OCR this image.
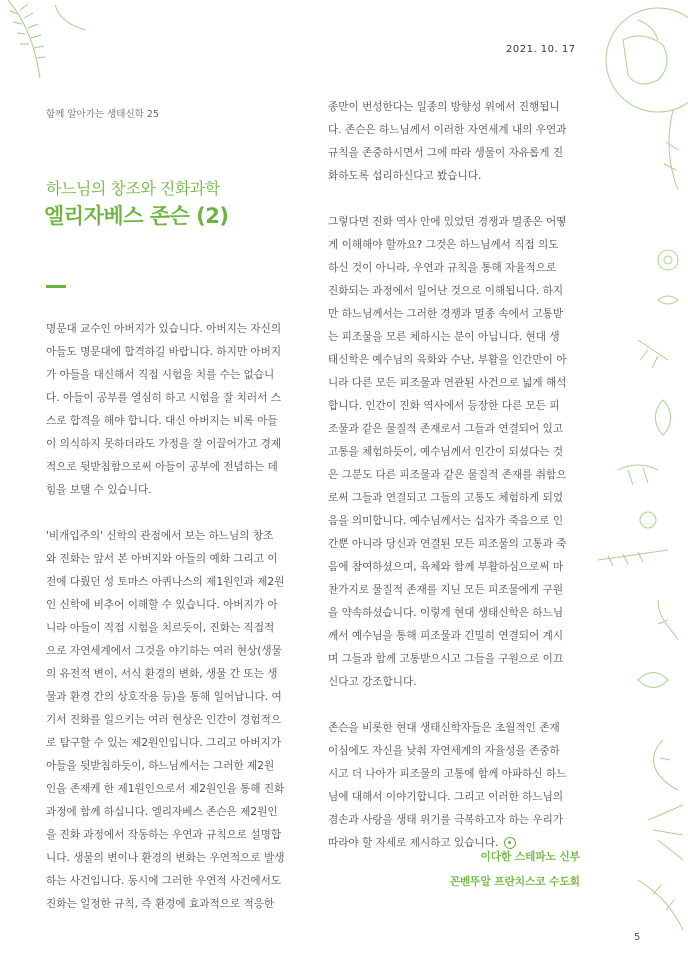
2021. 10. 17
함께 알아가는 생태신학 25
하느님의 창조와 진화과학
엘리자베스 존슨 (2)
명문대 교수인 아버지가 있습니다. 아버지는 자신의
아들도 명문대에 합격하길 바랍니다. 하지만 아버지
가 아들을 대신해서 직접 시험을 치를 수는 없습니
다. 아들이 공부를 열심히 하고 시험을 잘 치러서 스
스로 합격을 해야 합니다. 대신 아버지는 비록 아들
이 의식하지 못하더라도 가정을 잘 이끌어가고 경제
적으로 뒷받침함으로써 아들이 공부에 전념하는 데
힘을 보탤 수 있습니다.
'비개입주의' 신학의 관점에서 보는 하느님의 창조
와 진화는 앞서 본 아버지와 아들의 예화 그리고 이
전에 다뤘던 성 토마스 아퀴나스의 제1원인과 제2원
인 신학에 비추어 이해할 수 있습니다. 아버지가 아
니라 아들이 직접 시험을 치르듯이, 진화는 직접적
으로 자연세계에서 그것을 야기하는 여러 현상(생물
의 유전적 변이, 서식 환경의 변화, 생물 간 또는 생
물과 환경 간의 상호작용 등)을 통해 일어납니다. 여
기서 진화를 일으키는 여러 현상은 인간이 경험적으
로 탐구할 수 있는 제2원인입니다. 그리고 아버지가
아들을 뒷받침하듯이, 하느님께서는 그러한 제2원
인을 존재케 한 제1원인으로서 제2원인을 통해 진화
과정에 함께 하십니다. 엘리자베스 존슨은 제2원인
을 진화 과정에서 작동하는 우연과 규칙으로 설명합
니다. 생물의 변이나 환경의 변화는 우연적으로 발생
하는 사건입니다. 동시에 그러한 우연적 사건에서도
진화는 일정한 규칙, 즉 환경에 효과적으로 적응한
종만이 번성한다는 일종의 방향성 위에서 진행됩니
다. 존슨은 하느님께서 이러한 자연세계 내의 우연과
규칙을 존중하시면서 그에 따라 생물이 자유롭게 진
화하도록 섭리하신다고 봤습니다.
그렇다면 진화 역사 안에 있었던 경쟁과 멸종은 어떻
게 이해해야 할까요? 그것은 하느님께서 직접 의도
하신 것이 아니라, 우연과 규칙을 통해 자율적으로
진화되는 과정에서 일어난 것으로 이해됩니다. 하지
만 하느님께서는 그러한 경쟁과 멸종 속에서 고통받
는 피조물을 모른 체하시는 분이 아닙니다. 현대 생
태신학은 예수님의 육화와 수난, 부활을 인간만이 아
니라 다른 모든 피조물과 연관된 사건으로 넓게 해석
합니다. 인간이 진화 역사에서 등장한 다른 모든 피
조물과 같은 물질적 존재로서 그들과 연결되어 있고
고통을 체험하듯이, 예수님께서 인간이 되셨다는 것
은 그분도 다른 피조물과 같은 물질적 존재를 취함으
로써 그들과 연결되고 그들의 고통도 체험하게 되었
음을 의미합니다. 예수님께서는 십자가 죽음으로 인
간뿐 아니라 당신과 연결된 모든 피조물의 고통과 죽
음에 참여하셨으며, 육체와 함께 부활하심으로써 마
찬가지로 물질적 존재를 지닌 모든 피조물에게 구원
을 약속하셨습니다. 이렇게 현대 생태신학은 하느님
께서 예수님을 통해 피조물과 긴밀히 연결되어 계시
며 그들과 함께 고통받으시고 그들을 구원으로 이끄
신다고 강조합니다.
존슨을 비롯한 현대 생태신학자들은 초월적인 존재
이심에도 자신을 낮춰 자연세계의 자율성을 존중하
시고 더 나아가 피조물의 고통에 함께 아파하신 하느
님에 대해서 이야기합니다. 그리고 이러한 하느님의
겸손과 사랑을 생태 위기를 극복하고자 하는 우리가
따라야 할 자세로 제시하고 있습니다.
이다한 스테파노 신부
꼰벤뚜알 프란치스코 수도회
5
